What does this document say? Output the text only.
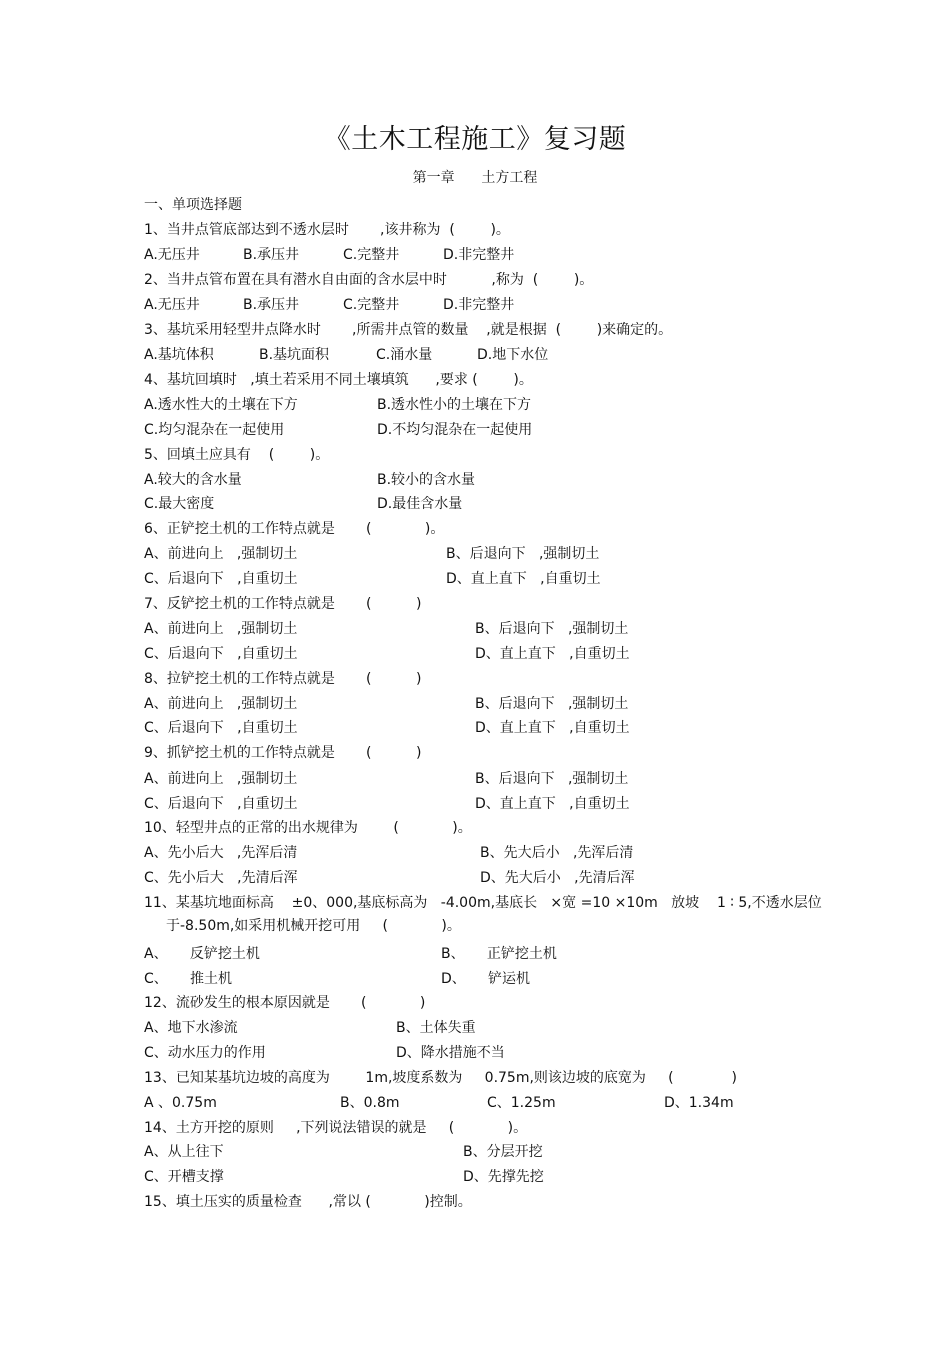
《土木工程施工》复习题
第一章      土方工程
一、单项选择题
1、当井点管底部达到不透水层时       ,该井称为  (        )。
A.无压井	B.承压井	C.完整井	D.非完整井
2、当井点管布置在具有潜水自由面的含水层中时          ,称为  (        )。
A.无压井	B.承压井	C.完整井	D.非完整井
3、基坑采用轻型井点降水时       ,所需井点管的数量    ,就是根据  (        )来确定的。
A.基坑体积	B.基坑面积	C.涌水量	D.地下水位
4、基坑回填时   ,填土若采用不同土壤填筑      ,要求 (        )。
A.透水性大的土壤在下方	B.透水性小的土壤在下方
C.均匀混杂在一起使用	D.不均匀混杂在一起使用
5、回填土应具有    (        )。
A.较大的含水量	B.较小的含水量
C.最大密度	D.最佳含水量
6、正铲挖土机的工作特点就是       (            )。
A、前进向上   ,强制切土	B、后退向下   ,强制切土
C、后退向下   ,自重切土	D、直上直下   ,自重切土
7、反铲挖土机的工作特点就是       (          )
A、前进向上   ,强制切土	B、后退向下   ,强制切土
C、后退向下   ,自重切土	D、直上直下   ,自重切土
8、拉铲挖土机的工作特点就是       (          )
A、前进向上   ,强制切土	B、后退向下   ,强制切土
C、后退向下   ,自重切土	D、直上直下   ,自重切土
9、抓铲挖土机的工作特点就是       (          )
A、前进向上   ,强制切土	B、后退向下   ,强制切土
C、后退向下   ,自重切土	D、直上直下   ,自重切土
10、轻型井点的正常的出水规律为        (            )。
A、先小后大   ,先浑后清	B、先大后小   ,先浑后清
C、先小后大   ,先清后浑	D、先大后小   ,先清后浑
11、某基坑地面标高    ±0、000,基底标高为   -4.00m,基底长   ×宽 =10 ×10m   放坡    1 ∶ 5,不透水层位
于-8.50m,如采用机械开挖可用     (            )。
A、     反铲挖土机	B、     正铲挖土机
C、     推土机	D、     铲运机
12、流砂发生的根本原因就是       (            )
A、地下水渗流	B、土体失重
C、动水压力的作用	D、降水措施不当
13、已知某基坑边坡的高度为        1m,坡度系数为     0.75m,则该边坡的底宽为     (             )
A 、0.75m	B、0.8m	C、1.25m	D、1.34m
14、土方开挖的原则     ,下列说法错误的就是     (            )。
A、从上往下	B、分层开挖
C、开槽支撑	D、先撑先挖
15、填土压实的质量检查      ,常以 (            )控制。
